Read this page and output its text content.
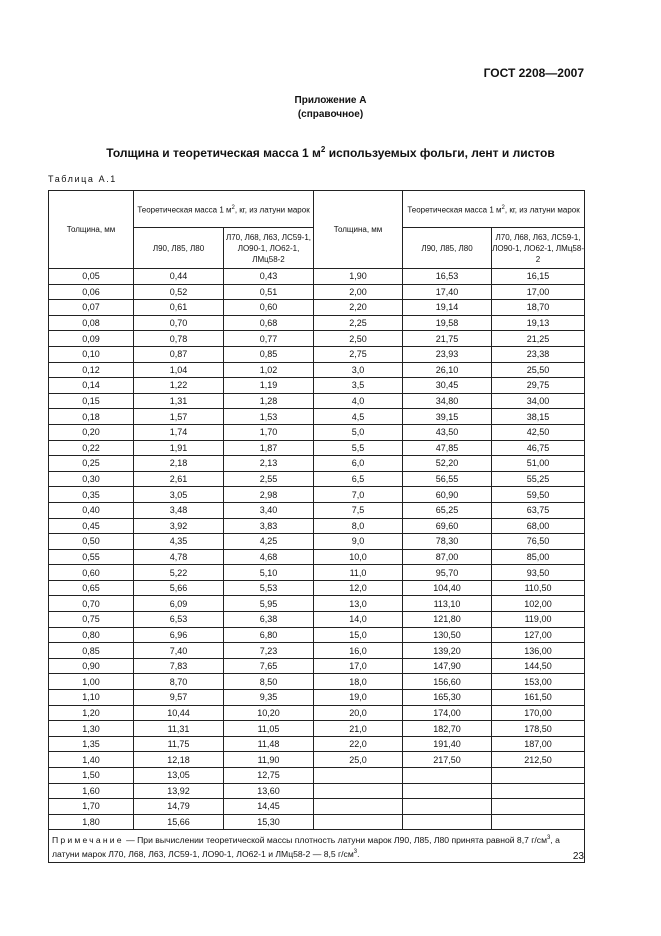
ГОСТ 2208—2007
Приложение А
(справочное)
Толщина и теоретическая масса 1 $м^2$ используемых фольги, лент и листов
Таблица А.1
Толщина, мм	Теоретическая масса 1 $м^2$, кг, из латуни марок		Толщина, мм	Теоретическая масса 1 $м^2$, кг, из латуни марок	
	Л90, Л85, Л80	Л70, Л68, Л63, ЛС59-1, ЛО90-1, ЛО62-1, ЛМц58-2		Л90, Л85, Л80	Л70, Л68, Л63, ЛС59-1, ЛО90-1, ЛО62-1, ЛМц58-2
0,05	0,44	0,43	1,90	16,53	16,15
0,06	0,52	0,51	2,00	17,40	17,00
0,07	0,61	0,60	2,20	19,14	18,70
0,08	0,70	0,68	2,25	19,58	19,13
0,09	0,78	0,77	2,50	21,75	21,25
0,10	0,87	0,85	2,75	23,93	23,38
0,12	1,04	1,02	3,0	26,10	25,50
0,14	1,22	1,19	3,5	30,45	29,75
0,15	1,31	1,28	4,0	34,80	34,00
0,18	1,57	1,53	4,5	39,15	38,15
0,20	1,74	1,70	5,0	43,50	42,50
0,22	1,91	1,87	5,5	47,85	46,75
0,25	2,18	2,13	6,0	52,20	51,00
0,30	2,61	2,55	6,5	56,55	55,25
0,35	3,05	2,98	7,0	60,90	59,50
0,40	3,48	3,40	7,5	65,25	63,75
0,45	3,92	3,83	8,0	69,60	68,00
0,50	4,35	4,25	9,0	78,30	76,50
0,55	4,78	4,68	10,0	87,00	85,00
0,60	5,22	5,10	11,0	95,70	93,50
0,65	5,66	5,53	12,0	104,40	110,50
0,70	6,09	5,95	13,0	113,10	102,00
0,75	6,53	6,38	14,0	121,80	119,00
0,80	6,96	6,80	15,0	130,50	127,00
0,85	7,40	7,23	16,0	139,20	136,00
0,90	7,83	7,65	17,0	147,90	144,50
1,00	8,70	8,50	18,0	156,60	153,00
1,10	9,57	9,35	19,0	165,30	161,50
1,20	10,44	10,20	20,0	174,00	170,00
1,30	11,31	11,05	21,0	182,70	178,50
1,35	11,75	11,48	22,0	191,40	187,00
1,40	12,18	11,90	25,0	217,50	212,50
1,50	13,05	12,75			
1,60	13,92	13,60			
1,70	14,79	14,45			
1,80	15,66	15,30			
Примечание — При вычислении теоретической массы плотность латуни марок Л90, Л85, Л80 принята равной 8,7 $г/см^3$, а латуни марок Л70, Л68, Л63, ЛС59-1, ЛО90-1, ЛО62-1 и ЛМц58-2 — 8,5 $г/см^3$.						23
